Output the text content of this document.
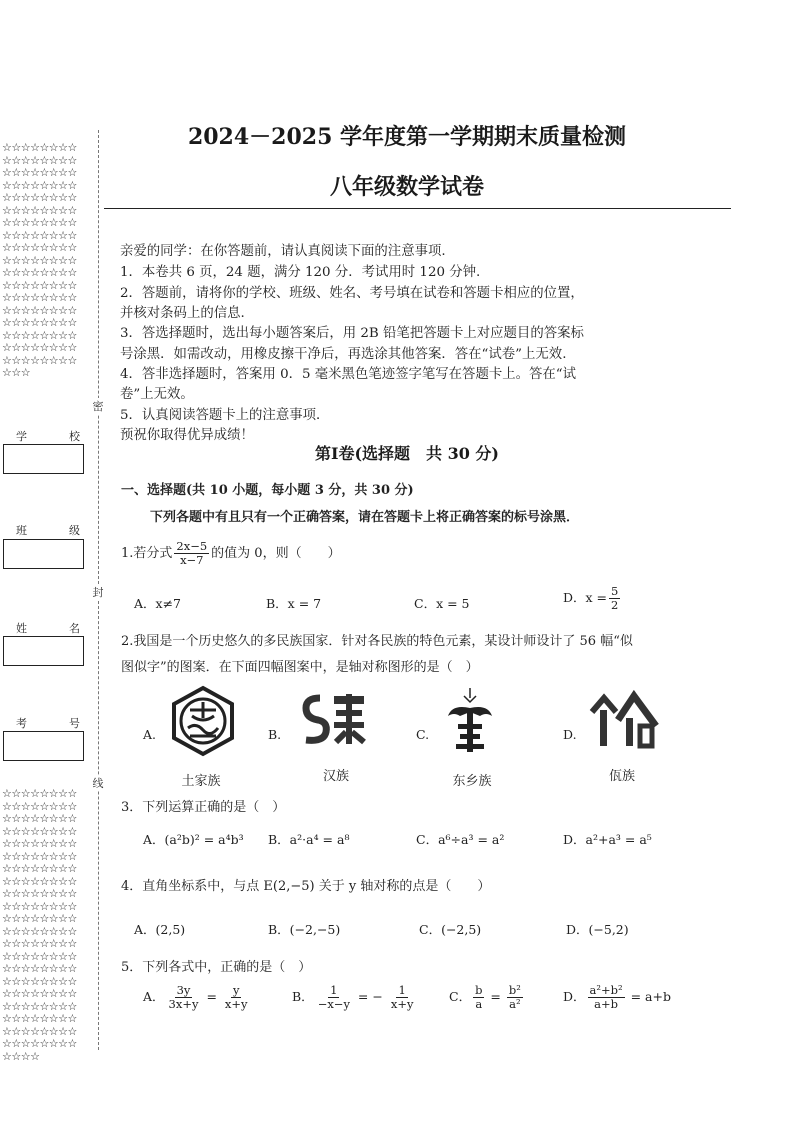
☆☆☆☆☆☆☆☆☆☆☆☆☆☆☆☆☆☆☆☆☆☆☆☆☆☆☆☆☆☆☆☆☆☆☆☆☆☆☆☆☆☆☆☆☆☆☆☆☆☆☆☆☆☆☆☆☆☆☆☆☆☆☆☆☆☆☆☆☆☆☆☆☆☆☆☆☆☆☆☆☆☆☆☆☆☆☆☆☆☆☆☆☆☆☆☆☆☆☆☆☆☆☆☆☆☆☆☆☆☆☆☆☆☆☆☆☆☆☆☆☆☆☆☆☆☆☆☆☆☆☆☆☆☆☆☆☆☆☆☆☆☆☆☆☆☆☆
☆☆☆☆☆☆☆☆☆☆☆☆☆☆☆☆☆☆☆☆☆☆☆☆☆☆☆☆☆☆☆☆☆☆☆☆☆☆☆☆☆☆☆☆☆☆☆☆☆☆☆☆☆☆☆☆☆☆☆☆☆☆☆☆☆☆☆☆☆☆☆☆☆☆☆☆☆☆☆☆☆☆☆☆☆☆☆☆☆☆☆☆☆☆☆☆☆☆☆☆☆☆☆☆☆☆☆☆☆☆☆☆☆☆☆☆☆☆☆☆☆☆☆☆☆☆☆☆☆☆☆☆☆☆☆☆☆☆☆☆☆☆☆☆☆☆☆☆☆☆☆☆☆☆☆☆☆☆☆☆☆☆☆☆☆☆☆☆☆☆☆☆
密
封
线
学	校
班	级
姓	名
考	号
2024－2025 学年度第一学期期末质量检测
八年级数学试卷
亲爱的同学：在你答题前，请认真阅读下面的注意事项.
1．本卷共 6 页，24 题，满分 120 分．考试用时 120 分钟.
2．答题前，请将你的学校、班级、姓名、考号填在试卷和答题卡相应的位置，
并核对条码上的信息.
3．答选择题时，选出每小题答案后，用 2B 铅笔把答题卡上对应题目的答案标
号涂黑．如需改动，用橡皮擦干净后，再选涂其他答案．答在“试卷”上无效.
4．答非选择题时，答案用 0．5 毫米黑色笔迹签字笔写在答题卡上。答在“试
卷”上无效。
5．认真阅读答题卡上的注意事项．
预祝你取得优异成绩！
第Ⅰ卷(选择题　共 30 分)
一、选择题(共 10 小题，每小题 3 分，共 30 分)
下列各题中有且只有一个正确答案，请在答题卡上将正确答案的标号涂黑．
1.若分式 $\frac{2x-5}{x-7}$ 的值为 0，则（　　）
A．x≠7	B．x = 7	C．x = 5	D．$x = \frac{5}{2}$
2.我国是一个历史悠久的多民族国家．针对各民族的特色元素，某设计师设计了 56 幅“似
图似字”的图案．在下面四幅图案中，是轴对称图形的是（　）
A.	B.	C.	D.
土家族	汉族	东乡族	佤族
3．下列运算正确的是（　）
A．(a²b)² = a⁴b³ B．a²·a⁴ = a⁸	C．a⁶÷a³ = a²	D．a²+a³ = a⁵
4．直角坐标系中，与点 E(2,−5) 关于 y 轴对称的点是（　　）
A．(2,5)	B．(−2,−5)	C．(−2,5)	D．(−5,2)
5．下列各式中，正确的是（　）
A． $\frac{3y}{3x+y} = \frac{y}{x+y}$	B． $\frac{1}{-x-y}$ = − $\frac{1}{x+y}$	C． $\frac{b}{a} = \frac{\text{b²}}{\text{a²}}$	D． $\frac{\text{a²+b²}}{a+b} = a+b$
